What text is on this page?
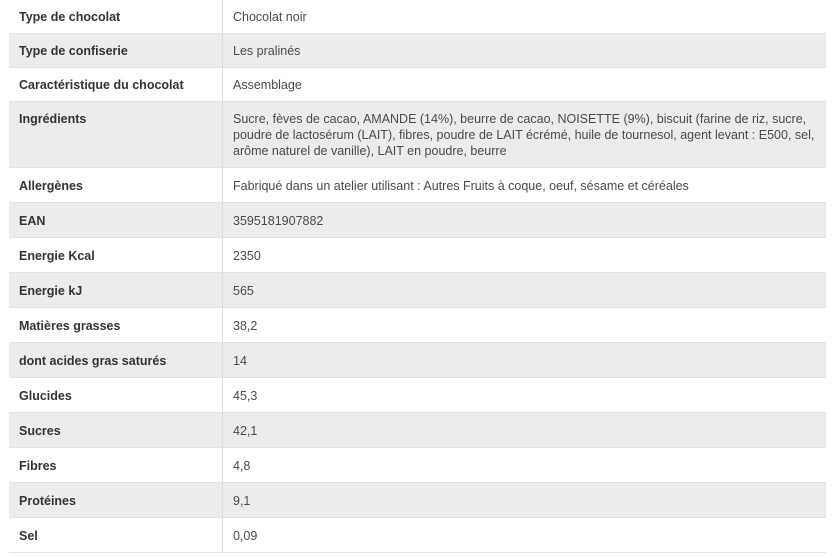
Type de chocolat	Chocolat noir
Type de confiserie	Les pralinés
Caractéristique du chocolat	Assemblage
Ingrédients	Sucre, fèves de cacao, AMANDE (14%), beurre de cacao, NOISETTE (9%), biscuit (farine de riz, sucre, poudre de lactosérum (LAIT), fibres, poudre de LAIT écrémé, huile de tournesol, agent levant : E500, sel, arôme naturel de vanille), LAIT en poudre, beurre
Allergènes	Fabriqué dans un atelier utilisant : Autres Fruits à coque, oeuf, sésame et céréales
EAN	3595181907882
Energie Kcal	2350
Energie kJ	565
Matières grasses	38,2
dont acides gras saturés	14
Glucides	45,3
Sucres	42,1
Fibres	4,8
Protéines	9,1
Sel	0,09
